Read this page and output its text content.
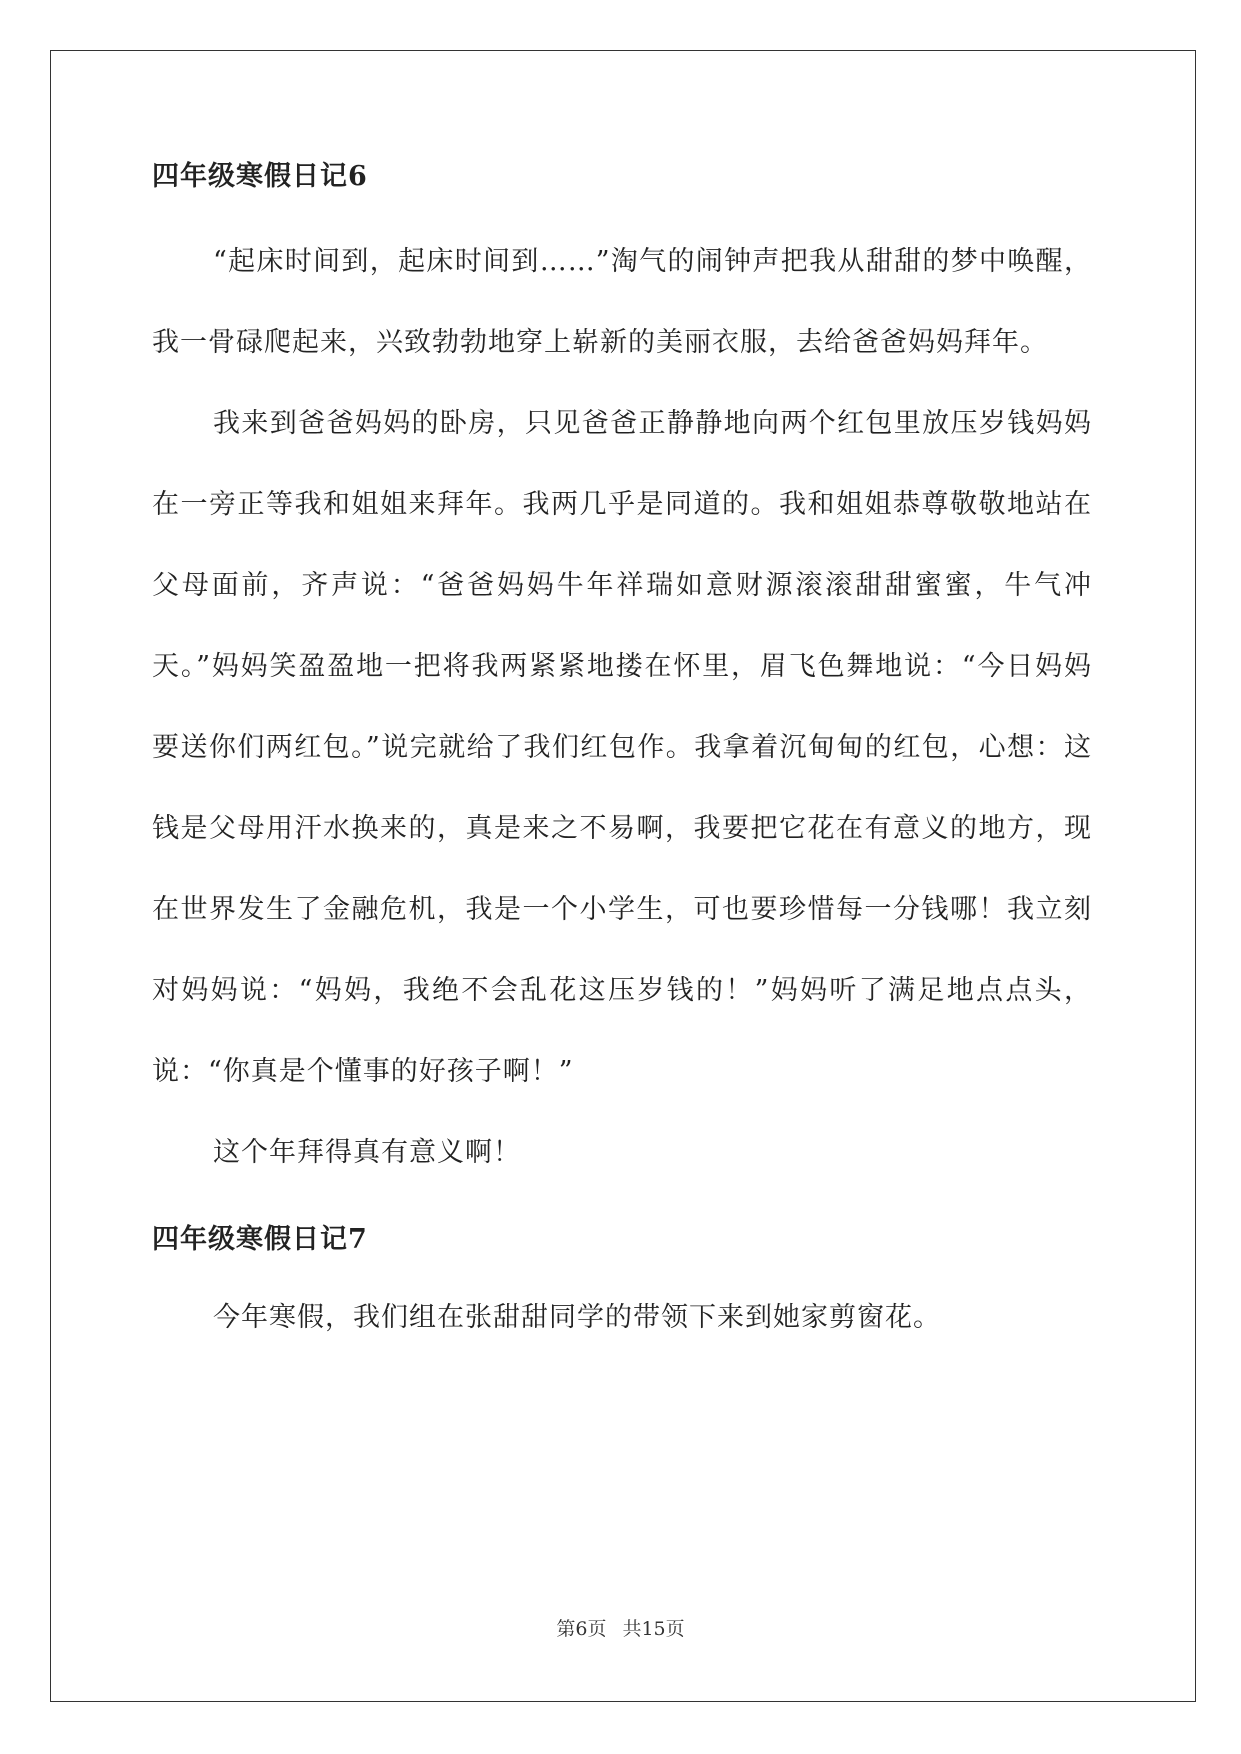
四年级寒假日记6

“起床时间到，起床时间到……”淘气的闹钟声把我从甜甜的梦中唤醒，我一骨碌爬起来，兴致勃勃地穿上崭新的美丽衣服，去给爸爸妈妈拜年。

我来到爸爸妈妈的卧房，只见爸爸正静静地向两个红包里放压岁钱妈妈在一旁正等我和姐姐来拜年。我两几乎是同道的。我和姐姐恭尊敬敬地站在父母面前，齐声说：“爸爸妈妈牛年祥瑞如意财源滚滚甜甜蜜蜜，牛气冲天。”妈妈笑盈盈地一把将我两紧紧地搂在怀里，眉飞色舞地说：“今日妈妈要送你们两红包。”说完就给了我们红包作。我拿着沉甸甸的红包，心想：这钱是父母用汗水换来的，真是来之不易啊，我要把它花在有意义的地方，现在世界发生了金融危机，我是一个小学生，可也要珍惜每一分钱哪！我立刻对妈妈说：“妈妈，我绝不会乱花这压岁钱的！”妈妈听了满足地点点头，说：“你真是个懂事的好孩子啊！”

这个年拜得真有意义啊！

四年级寒假日记7

今年寒假，我们组在张甜甜同学的带领下来到她家剪窗花。

第6页 共15页
